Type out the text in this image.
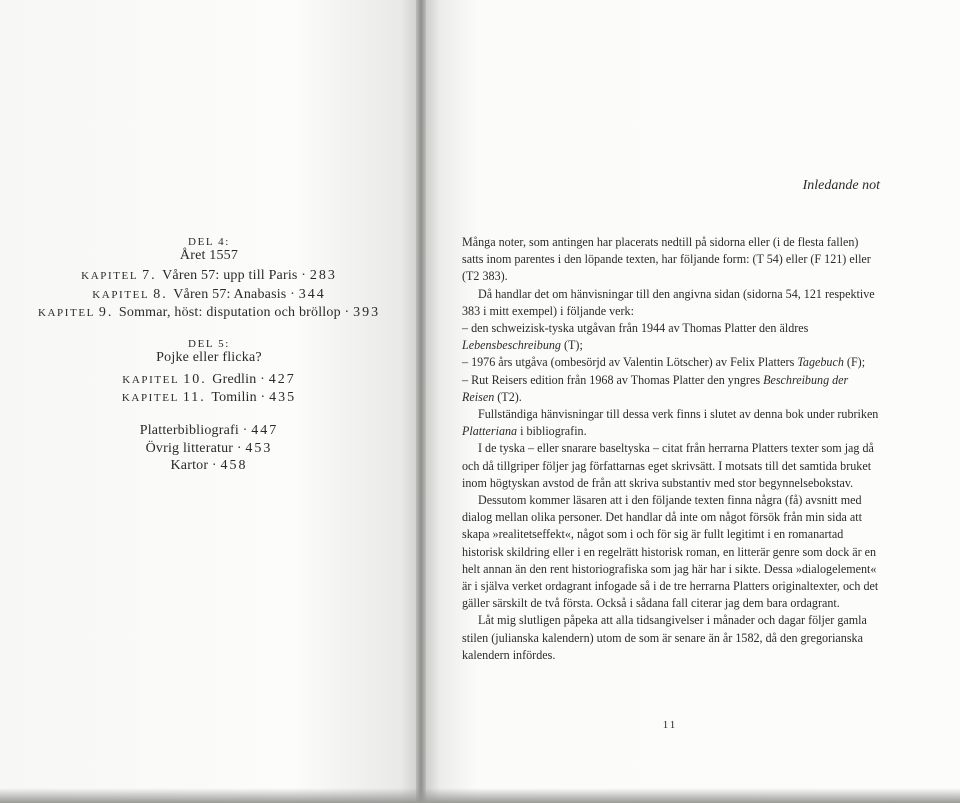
DEL 4:
Året 1557
KAPITEL 7. Våren 57: upp till Paris · 283
KAPITEL 8. Våren 57: Anabasis · 344
KAPITEL 9. Sommar, höst: disputation och bröllop · 393
DEL 5:
Pojke eller flicka?
KAPITEL 10. Gredlin · 427
KAPITEL 11. Tomilin · 435
Platterbibliografi · 447
Övrig litteratur · 453
Kartor · 458
Inledande not

Många noter, som antingen har placerats nedtill på sidorna eller (i de flesta fallen) satts inom parentes i den löpande texten, har följande form: (T 54) eller (F 121) eller (T2 383).

Då handlar det om hänvisningar till den angivna sidan (sidorna 54, 121 respektive 383 i mitt exempel) i följande verk:

– den schweizisk-tyska utgåvan från 1944 av Thomas Platter den äldres Lebensbeschreibung (T);

– 1976 års utgåva (ombesörjd av Valentin Lötscher) av Felix Platters Tagebuch (F);

– Rut Reisers edition från 1968 av Thomas Platter den yngres Beschreibung der Reisen (T2).

Fullständiga hänvisningar till dessa verk finns i slutet av denna bok under rubriken Platteriana i bibliografin.

I de tyska – eller snarare baseltyska – citat från herrarna Platters texter som jag då och då tillgriper följer jag författarnas eget skrivsätt. I motsats till det samtida bruket inom högtyskan avstod de från att skriva substantiv med stor begynnelsebokstav.

Dessutom kommer läsaren att i den följande texten finna några (få) avsnitt med dialog mellan olika personer. Det handlar då inte om något försök från min sida att skapa »realitetseffekt«, något som i och för sig är fullt legitimt i en romanartad historisk skildring eller i en regelrätt historisk roman, en litterär genre som dock är en helt annan än den rent historiografiska som jag här har i sikte. Dessa »dialogelement« är i själva verket ordagrant infogade så i de tre herrarna Platters originaltexter, och det gäller särskilt de två första. Också i sådana fall citerar jag dem bara ordagrant.

Låt mig slutligen påpeka att alla tidsangivelser i månader och dagar följer gamla stilen (julianska kalendern) utom de som är senare än år 1582, då den gregorianska kalendern infördes.

11
